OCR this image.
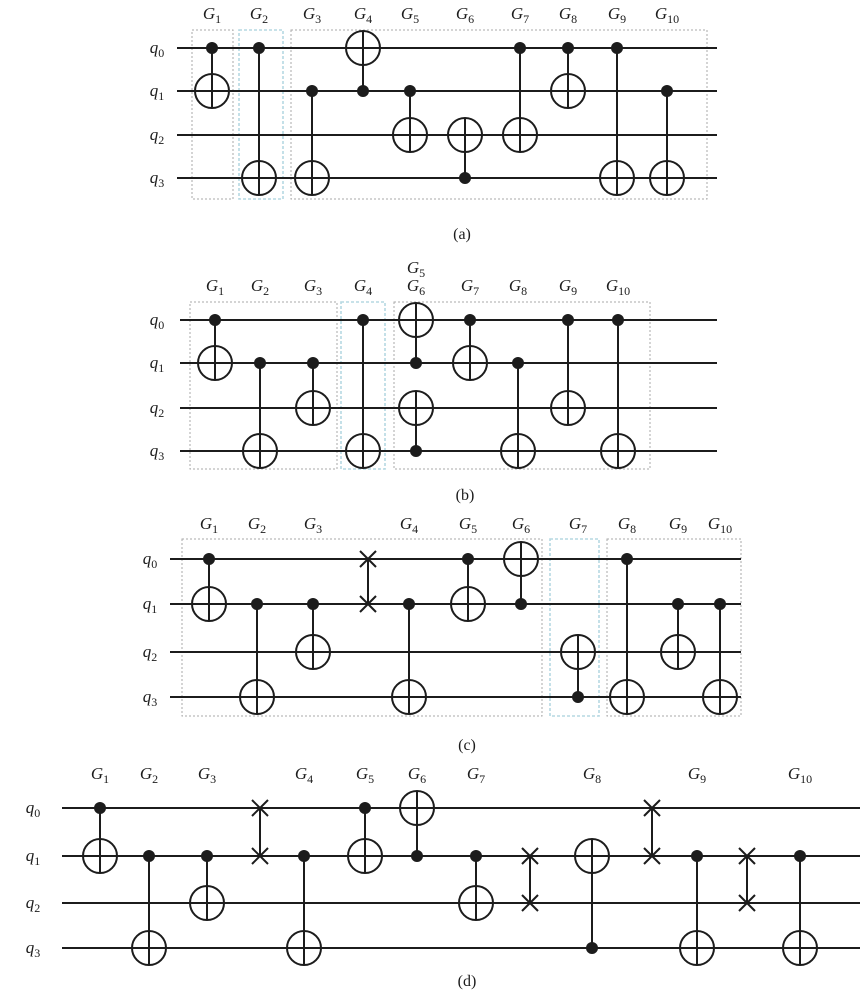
$q_0$
$q_1$
$q_2$
$q_3$
$G_1$ $G_2$ $G_3$ $G_4$ $G_5$ $G_6$ $G_7$ $G_8$ $G_9$ $G_{10}$
(a)
$q_0$
$q_1$
$q_2$
$q_3$
$G_1$ $G_2$ $G_3$ $G_4$
$G_5$
$G_6$ $G_7$ $G_8$ $G_9$ $G_{10}$
(b)
$q_0$
$q_1$
$q_2$
$q_3$
$G_1$ $G_2$ $G_3$	$G_4$ $G_5$ $G_6$ $G_7$ $G_8$ $G_9$ $G_{10}$
(c)
$q_0$
$q_1$
$q_2$
$q_3$
$G_1$ $G_2$ $G_3$	$G_4$	$G_5$ $G_6$ $G_7$	$G_8$	$G_9$	$G_{10}$
(d)
